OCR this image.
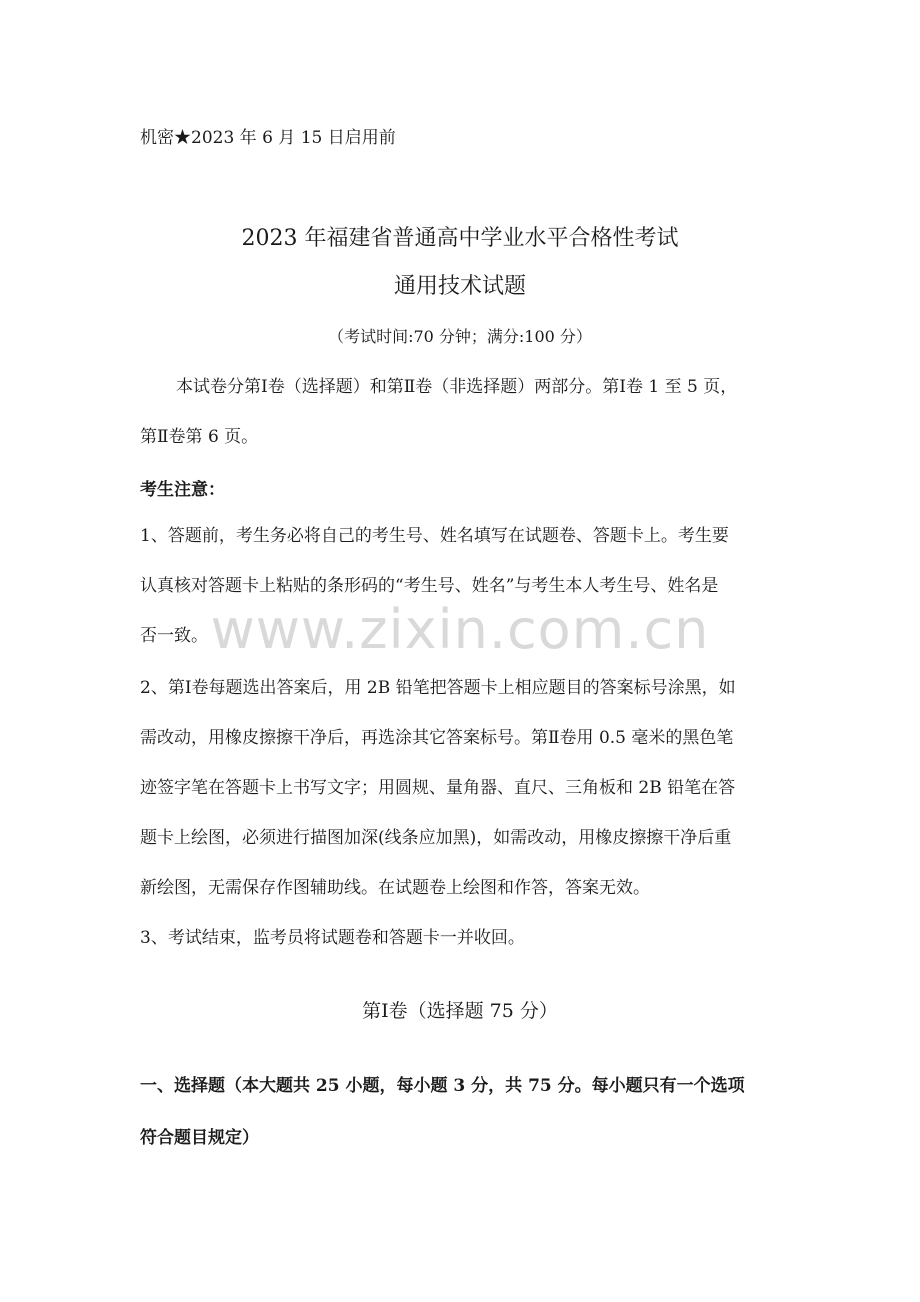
机密★2023 年 6 月 15 日启用前
2023 年福建省普通高中学业水平合格性考试
通用技术试题
（考试时间:70 分钟；满分:100 分）
本试卷分第Ⅰ卷（选择题）和第Ⅱ卷（非选择题）两部分。第Ⅰ卷 1 至 5 页，
第Ⅱ卷第 6 页。
考生注意：
1、答题前，考生务必将自己的考生号、姓名填写在试题卷、答题卡上。考生要
认真核对答题卡上粘贴的条形码的“考生号、姓名”与考生本人考生号、姓名是
否一致。
2、第Ⅰ卷每题选出答案后，用 2B 铅笔把答题卡上相应题目的答案标号涂黑，如
需改动，用橡皮擦擦干净后，再选涂其它答案标号。第Ⅱ卷用 0.5 毫米的黑色笔
迹签字笔在答题卡上书写文字；用圆规、量角器、直尺、三角板和 2B 铅笔在答
题卡上绘图，必须进行描图加深(线条应加黑)，如需改动，用橡皮擦擦干净后重
新绘图，无需保存作图辅助线。在试题卷上绘图和作答，答案无效。
3、考试结束，监考员将试题卷和答题卡一并收回。
第Ⅰ卷（选择题 75 分）
一、选择题（本大题共 25 小题，每小题 3 分，共 75 分。每小题只有一个选项
符合题目规定）
www.zixin.com.cn
